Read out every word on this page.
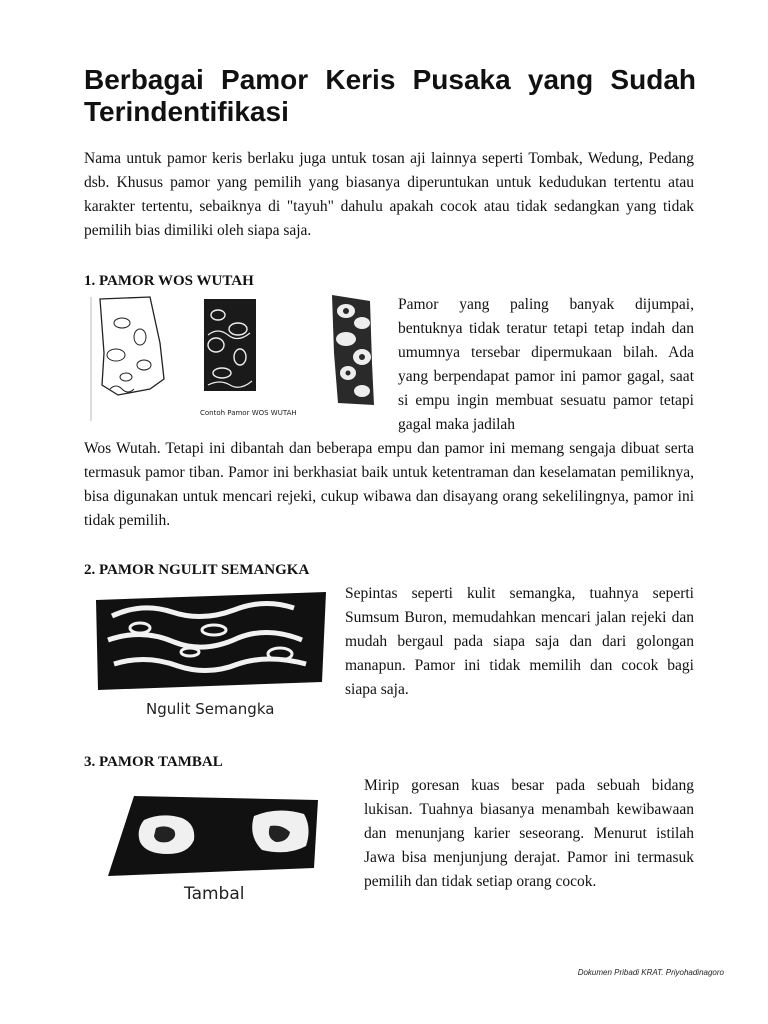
Berbagai Pamor Keris Pusaka yang Sudah Terindentifikasi

Nama untuk pamor keris berlaku juga untuk tosan aji lainnya seperti Tombak, Wedung, Pedang dsb. Khusus pamor yang pemilih yang biasanya diperuntukan untuk kedudukan tertentu atau karakter tertentu, sebaiknya di "tayuh" dahulu apakah cocok atau tidak sedangkan yang tidak pemilih bias dimiliki oleh siapa saja.

1. PAMOR WOS WUTAH
Contoh Pamor WOS WUTAH

Pamor yang paling banyak dijumpai, bentuknya tidak teratur tetapi tetap indah dan umumnya tersebar dipermukaan bilah. Ada yang berpendapat pamor ini pamor gagal, saat si empu ingin membuat sesuatu pamor tetapi gagal maka jadilah

Wos Wutah. Tetapi ini dibantah dan beberapa empu dan pamor ini memang sengaja dibuat serta termasuk pamor tiban. Pamor ini berkhasiat baik untuk ketentraman dan keselamatan pemiliknya, bisa digunakan untuk mencari rejeki, cukup wibawa dan disayang orang sekelilingnya, pamor ini tidak pemilih.

2. PAMOR NGULIT SEMANGKA
Ngulit Semangka

Sepintas seperti kulit semangka, tuahnya seperti Sumsum Buron, memudahkan mencari jalan rejeki dan mudah bergaul pada siapa saja dan dari golongan manapun. Pamor ini tidak memilih dan cocok bagi siapa saja.

3. PAMOR TAMBAL
Tambal

Mirip goresan kuas besar pada sebuah bidang lukisan. Tuahnya biasanya menambah kewibawaan dan menunjang karier seseorang. Menurut istilah Jawa bisa menjunjung derajat. Pamor ini termasuk pemilih dan tidak setiap orang cocok.

Dokumen Pribadi KRAT. Priyohadinagoro
